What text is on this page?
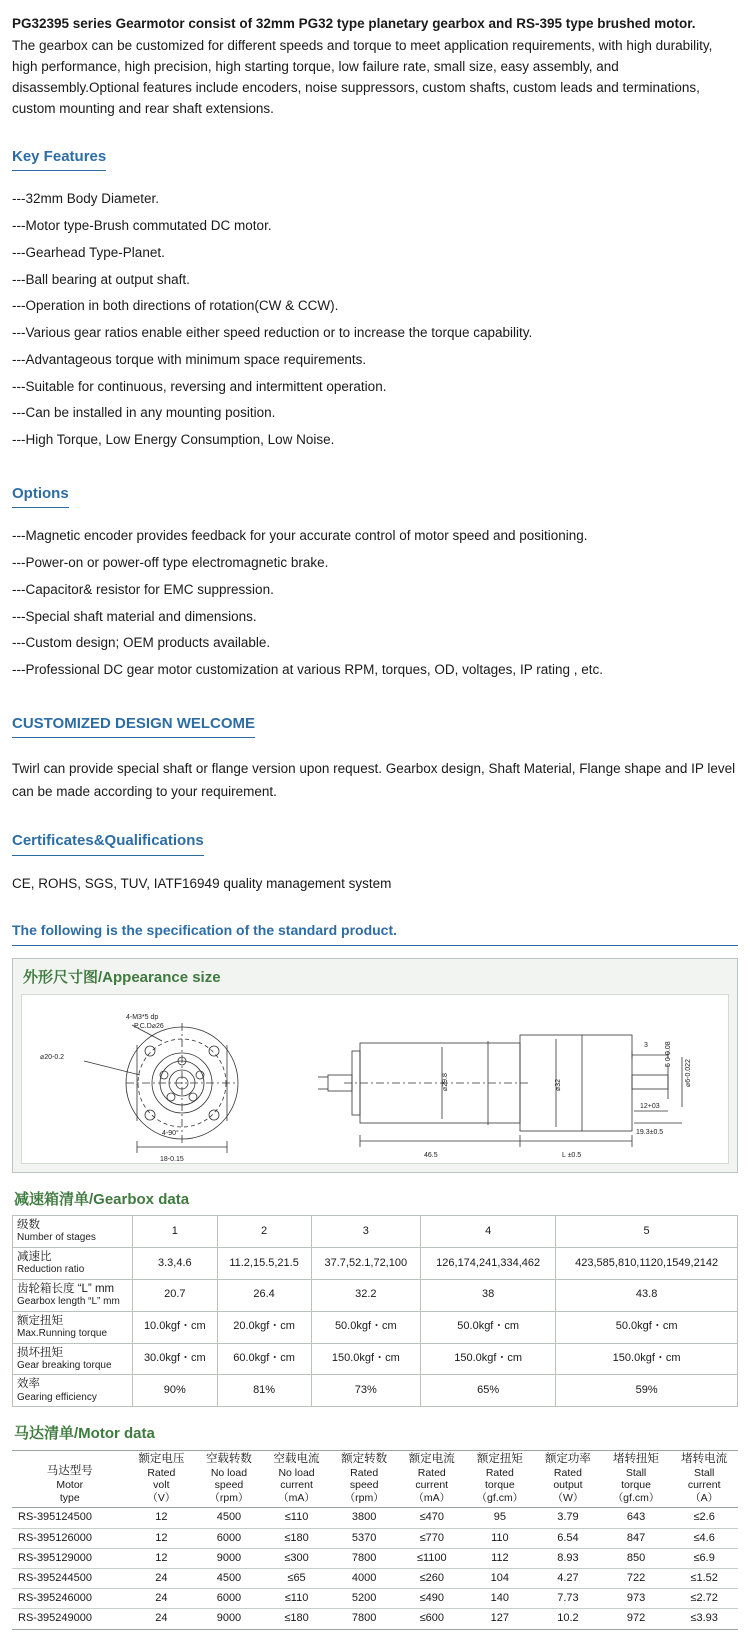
PG32395 series Gearmotor consist of 32mm PG32 type planetary gearbox and RS-395 type brushed motor.
The gearbox can be customized for different speeds and torque to meet application requirements, with high durability, high performance, high precision, high starting torque, low failure rate, small size, easy assembly, and disassembly.Optional features include encoders, noise suppressors, custom shafts, custom leads and terminations, custom mounting and rear shaft extensions.
Key Features
---32mm Body Diameter.
---Motor type-Brush commutated DC motor.
---Gearhead Type-Planet.
---Ball bearing at output shaft.
---Operation in both directions of rotation(CW & CCW).
---Various gear ratios enable either speed reduction or to increase the torque capability.
---Advantageous torque with minimum space requirements.
---Suitable for continuous, reversing and intermittent operation.
---Can be installed in any mounting position.
---High Torque, Low Energy Consumption, Low Noise.
Options
---Magnetic encoder provides feedback for your accurate control of motor speed and positioning.
---Power-on or power-off type electromagnetic brake.
---Capacitor& resistor for EMC suppression.
---Special shaft material and dimensions.
---Custom design; OEM products available.
---Professional DC gear motor customization at various RPM, torques, OD, voltages, IP rating , etc.
CUSTOMIZED DESIGN WELCOME
Twirl can provide special shaft or flange version upon request. Gearbox design, Shaft Material, Flange shape and IP level can be made according to your requirement.
Certificates&Qualifications
CE, ROHS, SGS, TUV, IATF16949 quality management system
The following is the specification of the standard product.
外形尺寸图/Appearance size
4-M3*5 dp
P.C.D⌀26
⌀20-0.2
4-90°
18-0.15
46.5	L ±0.5
⌀29.8	⌀32	⌀6-0.022
3 5 0-0.08
12+03
19.3±0.5
减速箱清单/Gearbox data
级数
Number of stages	1	2	3	4	5

减速比
Reduction ratio	3.3,4.6	11.2,15.5,21.5	37.7,52.1,72,100	126,174,241,334,462	423,585,810,1120,1549,2142

齿轮箱长度 “L” mm
Gearbox length “L” mm	20.7	26.4	32.2	38	43.8

额定扭矩
Max.Running torque	10.0kgf・cm	20.0kgf・cm	50.0kgf・cm	50.0kgf・cm	50.0kgf・cm

损坏扭矩
Gear breaking torque	30.0kgf・cm	60.0kgf・cm	150.0kgf・cm	150.0kgf・cm	150.0kgf・cm

效率
Gearing efficiency	90%	81%	73%	65%	59%
马达清单/Motor data
马达型号
Motor
type	额定电压
Rated
volt
（V）	空载转数
No load
speed
（rpm）	空载电流
No load
current
（mA）	额定转数
Rated
speed
（rpm）	额定电流
Rated
current
（mA）	额定扭矩
Rated
torque
（gf.cm）	额定功率
Rated
output
（W）	堵转扭矩
Stall
torque
（gf.cm）	堵转电流
Stall
current
（A）

RS-395124500	12	4500	≤110	3800	≤470	95	3.79	643	≤2.6
RS-395126000	12	6000	≤180	5370	≤770	110	6.54	847	≤4.6
RS-395129000	12	9000	≤300	7800	≤1100	112	8.93	850	≤6.9
RS-395244500	24	4500	≤65	4000	≤260	104	4.27	722	≤1.52
RS-395246000	24	6000	≤110	5200	≤490	140	7.73	973	≤2.72
RS-395249000	24	9000	≤180	7800	≤600	127	10.2	972	≤3.93
